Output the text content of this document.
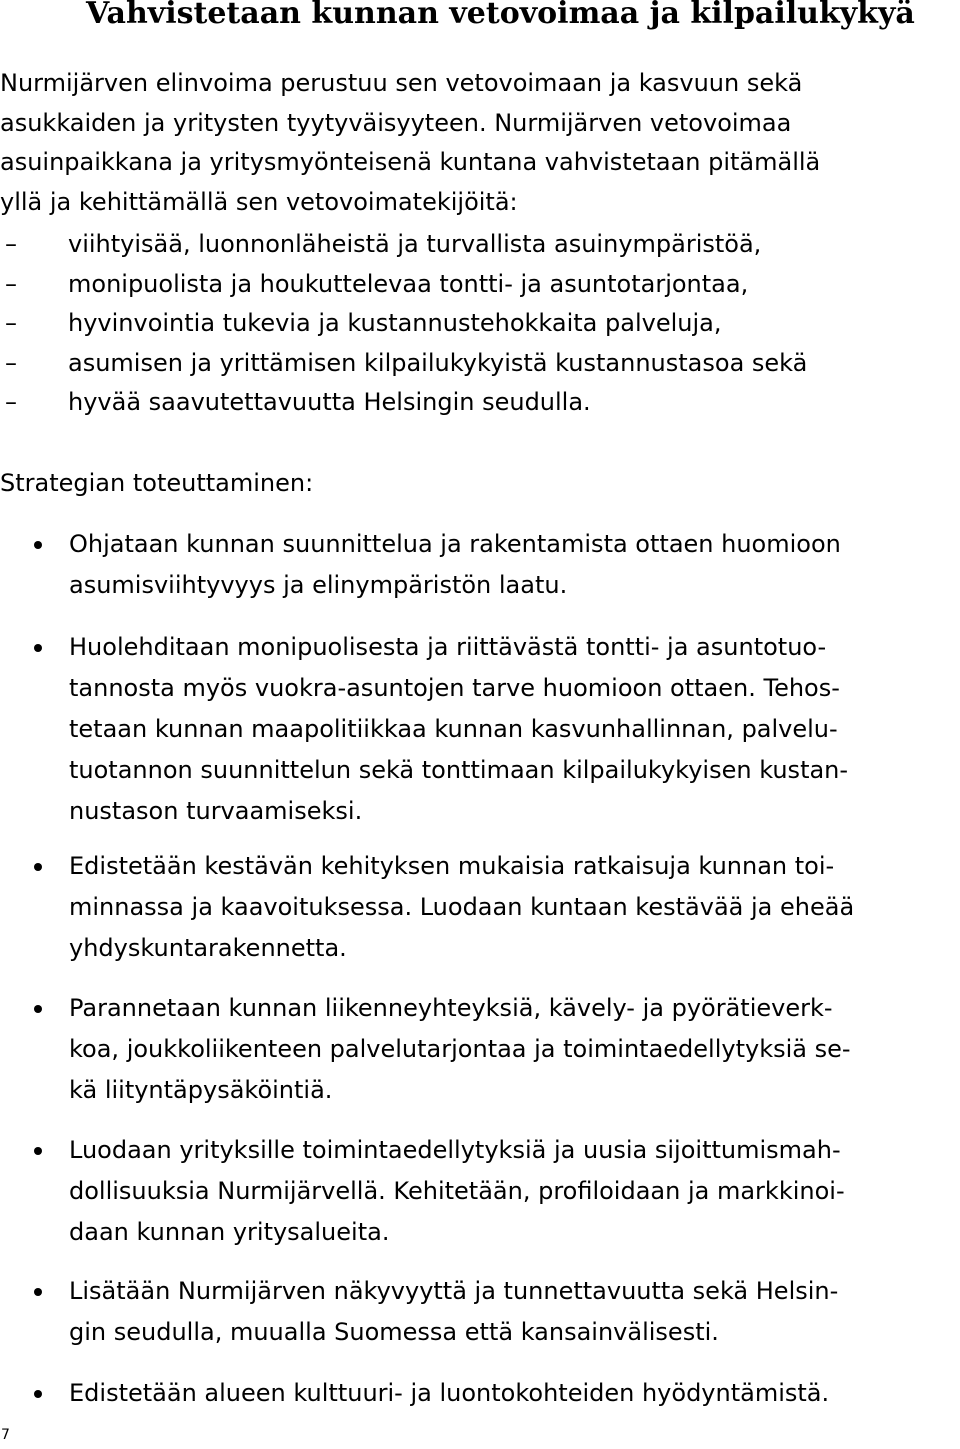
Vahvistetaan kunnan vetovoimaa ja kilpailukykyä

Nurmijärven elinvoima perustuu sen vetovoimaan ja kasvuun sekä
asukkaiden ja yritysten tyytyväisyyteen. Nurmijärven vetovoimaa
asuinpaikkana ja yritysmyönteisenä kuntana vahvistetaan pitämällä
yllä ja kehittämällä sen vetovoimatekijöitä:

– viihtyisää, luonnonläheistä ja turvallista asuinympäristöä,
– monipuolista ja houkuttelevaa tontti- ja asuntotarjontaa,
– hyvinvointia tukevia ja kustannustehokkaita palveluja,
– asumisen ja yrittämisen kilpailukykyistä kustannustasoa sekä
– hyvää saavutettavuutta Helsingin seudulla.

Strategian toteuttaminen:

Ohjataan kunnan suunnittelua ja rakentamista ottaen huomioon
asumisviihtyvyys ja elinympäristön laatu.
Huolehditaan monipuolisesta ja riittävästä tontti- ja asuntotuo-
tannosta myös vuokra-asuntojen tarve huomioon ottaen. Tehos-
tetaan kunnan maapolitiikkaa kunnan kasvunhallinnan, palvelu-
tuotannon suunnittelun sekä tonttimaan kilpailukykyisen kustan-
nustason turvaamiseksi.
Edistetään kestävän kehityksen mukaisia ratkaisuja kunnan toi-
minnassa ja kaavoituksessa. Luodaan kuntaan kestävää ja eheää
yhdyskuntarakennetta.
Parannetaan kunnan liikenneyhteyksiä, kävely- ja pyörätieverk-
koa, joukkoliikenteen palvelutarjontaa ja toimintaedellytyksiä se-
kä liityntäpysäköintiä.
Luodaan yrityksille toimintaedellytyksiä ja uusia sijoittumismah-
dollisuuksia Nurmijärvellä. Kehitetään, profiloidaan ja markkinoi-
daan kunnan yritysalueita.
Lisätään Nurmijärven näkyvyyttä ja tunnettavuutta sekä Helsin-
gin seudulla, muualla Suomessa että kansainvälisesti.
Edistetään alueen kulttuuri- ja luontokohteiden hyödyntämistä.
7
